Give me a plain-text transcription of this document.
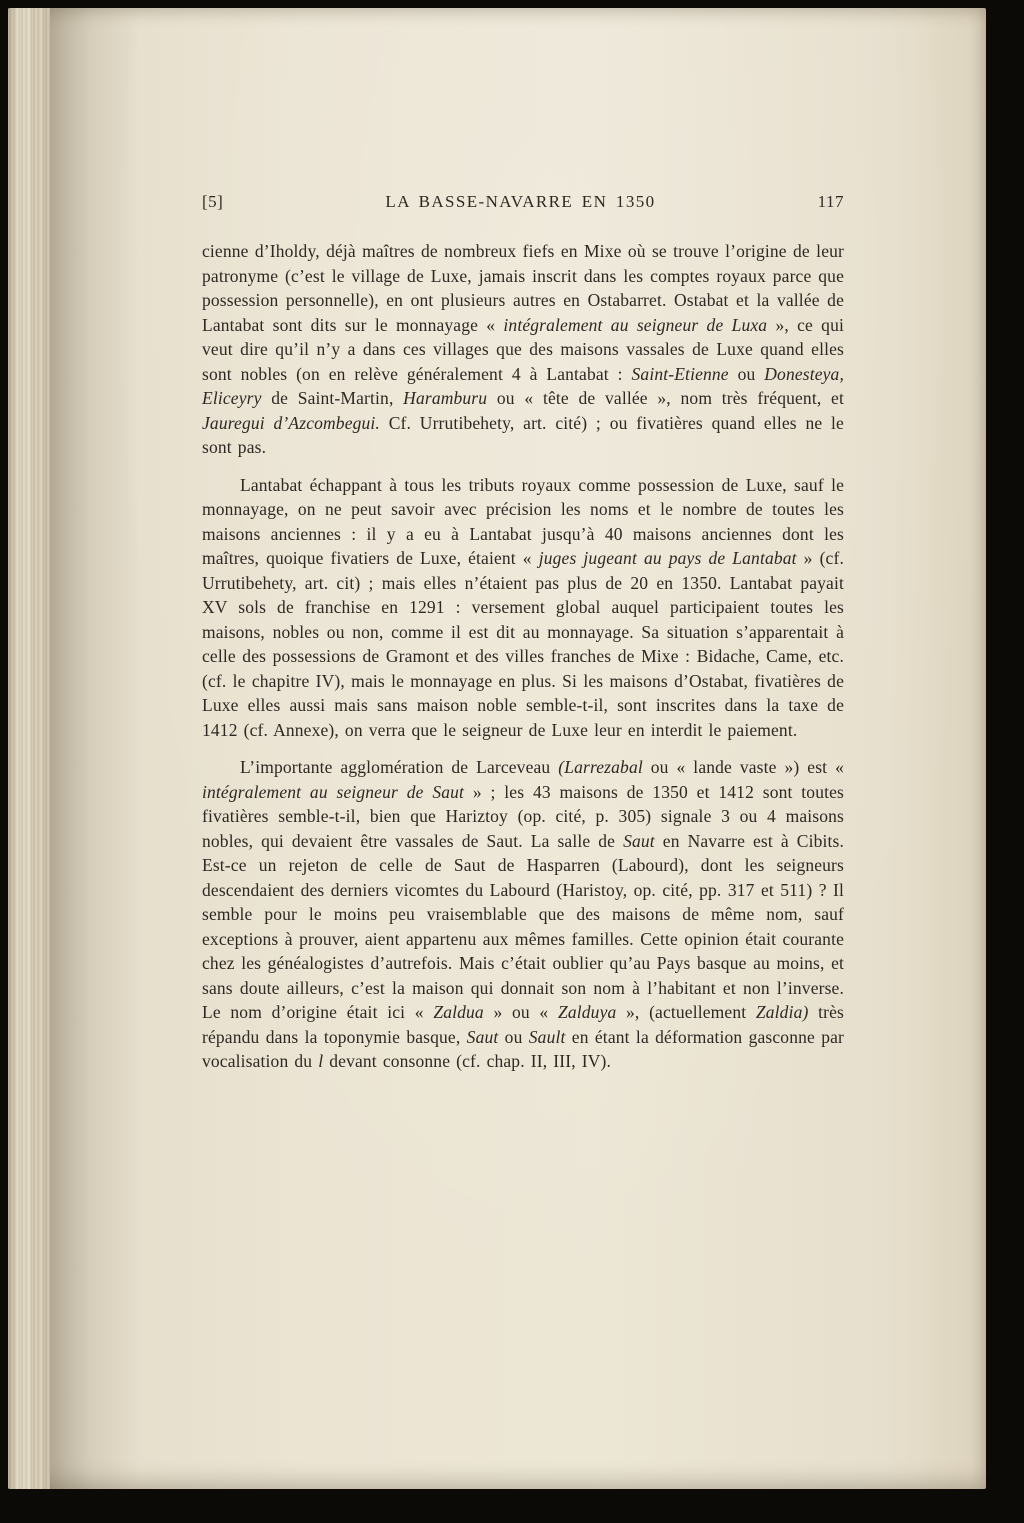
[5]	LA BASSE-NAVARRE EN 1350	117

cienne d’Iholdy, déjà maîtres de nombreux fiefs en Mixe où se trouve l’origine de leur patronyme (c’est le village de Luxe, jamais inscrit dans les comptes royaux parce que possession personnelle), en ont plusieurs autres en Ostabarret. Ostabat et la vallée de Lantabat sont dits sur le monnayage « intégralement au seigneur de Luxa », ce qui veut dire qu’il n’y a dans ces villages que des maisons vassales de Luxe quand elles sont nobles (on en relève généralement 4 à Lantabat : Saint-Etienne ou Donesteya, Eliceyry de Saint-Martin, Haramburu ou « tête de vallée », nom très fréquent, et Jauregui d’Azcombegui. Cf. Urrutibehety, art. cité) ; ou fivatières quand elles ne le sont pas.

Lantabat échappant à tous les tributs royaux comme possession de Luxe, sauf le monnayage, on ne peut savoir avec précision les noms et le nombre de toutes les maisons anciennes : il y a eu à Lantabat jusqu’à 40 maisons anciennes dont les maîtres, quoique fivatiers de Luxe, étaient « juges jugeant au pays de Lantabat » (cf. Urrutibehety, art. cit) ; mais elles n’étaient pas plus de 20 en 1350. Lantabat payait XV sols de franchise en 1291 : versement global auquel participaient toutes les maisons, nobles ou non, comme il est dit au monnayage. Sa situation s’apparentait à celle des possessions de Gramont et des villes franches de Mixe : Bidache, Came, etc. (cf. le chapitre IV), mais le monnayage en plus. Si les maisons d’Ostabat, fivatières de Luxe elles aussi mais sans maison noble semble-t-il, sont inscrites dans la taxe de 1412 (cf. Annexe), on verra que le seigneur de Luxe leur en interdit le paiement.

L’importante agglomération de Larceveau (Larrezabal ou « lande vaste ») est « intégralement au seigneur de Saut » ; les 43 maisons de 1350 et 1412 sont toutes fivatières semble-t-il, bien que Hariztoy (op. cité, p. 305) signale 3 ou 4 maisons nobles, qui devaient être vassales de Saut. La salle de Saut en Navarre est à Cibits. Est-ce un rejeton de celle de Saut de Hasparren (Labourd), dont les seigneurs descendaient des derniers vicomtes du Labourd (Haristoy, op. cité, pp. 317 et 511) ? Il semble pour le moins peu vraisemblable que des maisons de même nom, sauf exceptions à prouver, aient appartenu aux mêmes familles. Cette opinion était courante chez les généalogistes d’autrefois. Mais c’était oublier qu’au Pays basque au moins, et sans doute ailleurs, c’est la maison qui donnait son nom à l’habitant et non l’inverse. Le nom d’origine était ici « Zaldua » ou « Zalduya », (actuellement Zaldia) très répandu dans la toponymie basque, Saut ou Sault en étant la déformation gasconne par vocalisation du l devant consonne (cf. chap. II, III, IV).
